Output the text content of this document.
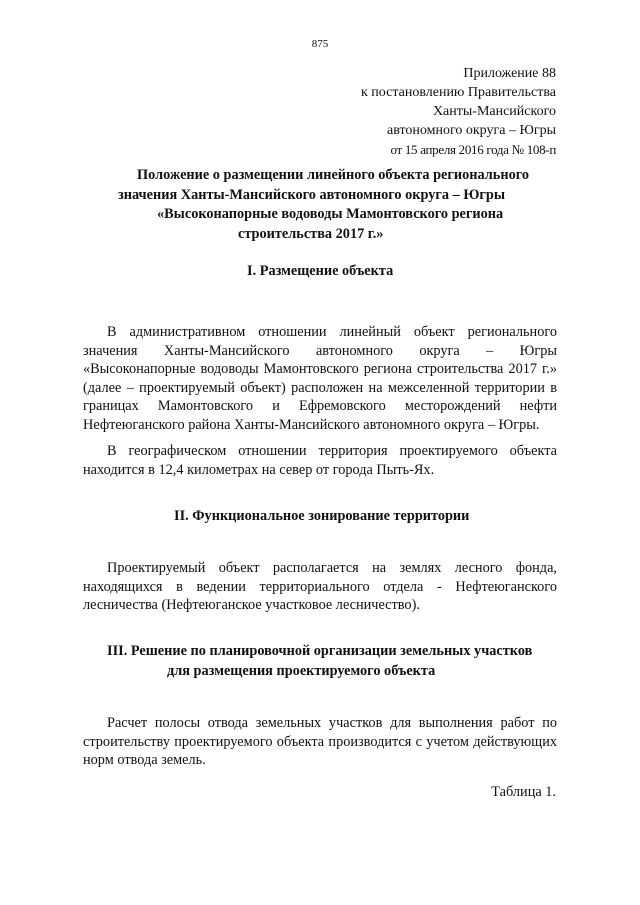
875
Приложение 88
к постановлению Правительства
Ханты-Мансийского
автономного округа – Югры
от 15 апреля 2016 года № 108-п
Положение о размещении линейного объекта регионального
значения Ханты-Мансийского автономного округа – Югры
«Высоконапорные водоводы Мамонтовского региона
строительства 2017 г.»
I. Размещение объекта
В административном отношении линейный объект регионального значения Ханты-Мансийского автономного округа – Югры «Высоконапорные водоводы Мамонтовского региона строительства 2017 г.» (далее – проектируемый объект) расположен на межселенной территории в границах Мамонтовского и Ефремовского месторождений нефти Нефтеюганского района Ханты-Мансийского автономного округа – Югры.
В географическом отношении территория проектируемого объекта находится в 12,4 километрах на север от города Пыть-Ях.
II. Функциональное зонирование территории
Проектируемый объект располагается на землях лесного фонда, находящихся в ведении территориального отдела - Нефтеюганского лесничества (Нефтеюганское участковое лесничество).
III. Решение по планировочной организации земельных участков
для размещения проектируемого объекта
Расчет полосы отвода земельных участков для выполнения работ по строительству проектируемого объекта производится с учетом действующих норм отвода земель.
Таблица 1.
